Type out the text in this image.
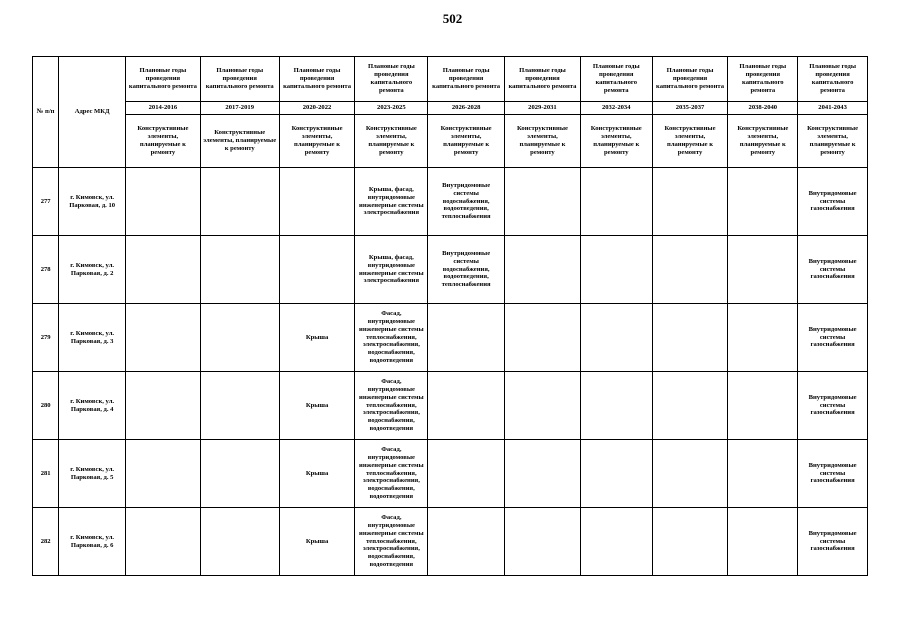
502
№ п/п	Адрес МКД	Плановые годы проведения капитального ремонта	Плановые годы проведения капитального ремонта	Плановые годы проведения капитального ремонта	Плановые годы проведения капитального ремонта	Плановые годы проведения капитального ремонта	Плановые годы проведения капитального ремонта	Плановые годы проведения капитального ремонта	Плановые годы проведения капитального ремонта	Плановые годы проведения капитального ремонта	Плановые годы проведения капитального ремонта
		2014-2016	2017-2019	2020-2022	2023-2025	2026-2028	2029-2031	2032-2034	2035-2037	2038-2040	2041-2043
		Конструктивные элементы, планируемые к ремонту	Конструктивные элементы, планируемые к ремонту	Конструктивные элементы, планируемые к ремонту	Конструктивные элементы, планируемые к ремонту	Конструктивные элементы, планируемые к ремонту	Конструктивные элементы, планируемые к ремонту	Конструктивные элементы, планируемые к ремонту	Конструктивные элементы, планируемые к ремонту	Конструктивные элементы, планируемые к ремонту	Конструктивные элементы, планируемые к ремонту
277	г. Кимовск, ул. Парковая, д. 10				Крыша, фасад, внутридомовые инженерные системы электроснабжения	Внутридомовые системы водоснабжения, водоотведения, теплоснабжения					Внутридомовые системы газоснабжения
278	г. Кимовск, ул. Парковая, д. 2				Крыша, фасад, внутридомовые инженерные системы электроснабжения	Внутридомовые системы водоснабжения, водоотведения, теплоснабжения					Внутридомовые системы газоснабжения
279	г. Кимовск, ул. Парковая, д. 3			Крыша	Фасад, внутридомовые инженерные системы теплоснабжения, электроснабжения, водоснабжения, водоотведения						Внутридомовые системы газоснабжения
280	г. Кимовск, ул. Парковая, д. 4			Крыша	Фасад, внутридомовые инженерные системы теплоснабжения, электроснабжения, водоснабжения, водоотведения						Внутридомовые системы газоснабжения
281	г. Кимовск, ул. Парковая, д. 5			Крыша	Фасад, внутридомовые инженерные системы теплоснабжения, электроснабжения, водоснабжения, водоотведения						Внутридомовые системы газоснабжения
282	г. Кимовск, ул. Парковая, д. 6			Крыша	Фасад, внутридомовые инженерные системы теплоснабжения, электроснабжения, водоснабжения, водоотведения						Внутридомовые системы газоснабжения
